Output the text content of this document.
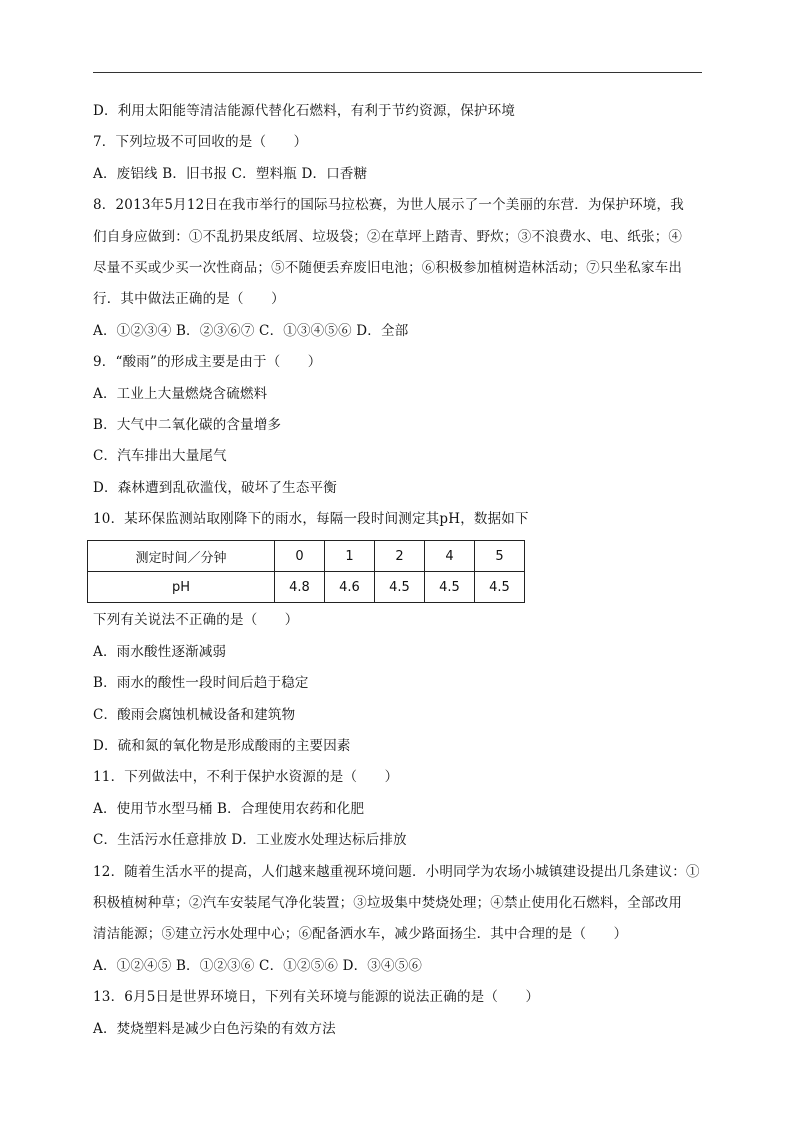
D．利用太阳能等清洁能源代替化石燃料，有利于节约资源，保护环境
7．下列垃圾不可回收的是（　　）
A．废铝线 B．旧书报 C．塑料瓶 D．口香糖
8．2013年5月12日在我市举行的国际马拉松赛，为世人展示了一个美丽的东营．为保护环境，我
们自身应做到：①不乱扔果皮纸屑、垃圾袋；②在草坪上踏青、野炊；③不浪费水、电、纸张；④
尽量不买或少买一次性商品；⑤不随便丢弃废旧电池；⑥积极参加植树造林活动；⑦只坐私家车出
行．其中做法正确的是（　　）
A．①②③④ B．②③⑥⑦ C．①③④⑤⑥ D．全部
9．“酸雨”的形成主要是由于（　　）
A．工业上大量燃烧含硫燃料
B．大气中二氧化碳的含量增多
C．汽车排出大量尾气
D．森林遭到乱砍滥伐，破坏了生态平衡
10．某环保监测站取刚降下的雨水，每隔一段时间测定其pH，数据如下
测定时间／分钟	0	1	2	4	5
pH	4.8	4.6	4.5	4.5	4.5
下列有关说法不正确的是（　　）
A．雨水酸性逐渐减弱
B．雨水的酸性一段时间后趋于稳定
C．酸雨会腐蚀机械设备和建筑物
D．硫和氮的氧化物是形成酸雨的主要因素
11．下列做法中，不利于保护水资源的是（　　）
A．使用节水型马桶 B．合理使用农药和化肥
C．生活污水任意排放 D．工业废水处理达标后排放
12．随着生活水平的提高，人们越来越重视环境问题．小明同学为农场小城镇建设提出几条建议：①
积极植树种草；②汽车安装尾气净化装置；③垃圾集中焚烧处理；④禁止使用化石燃料，全部改用
清洁能源；⑤建立污水处理中心；⑥配备洒水车，减少路面扬尘．其中合理的是（　　）
A．①②④⑤ B．①②③⑥ C．①②⑤⑥ D．③④⑤⑥
13．6月5日是世界环境日，下列有关环境与能源的说法正确的是（　　）
A．焚烧塑料是减少白色污染的有效方法
